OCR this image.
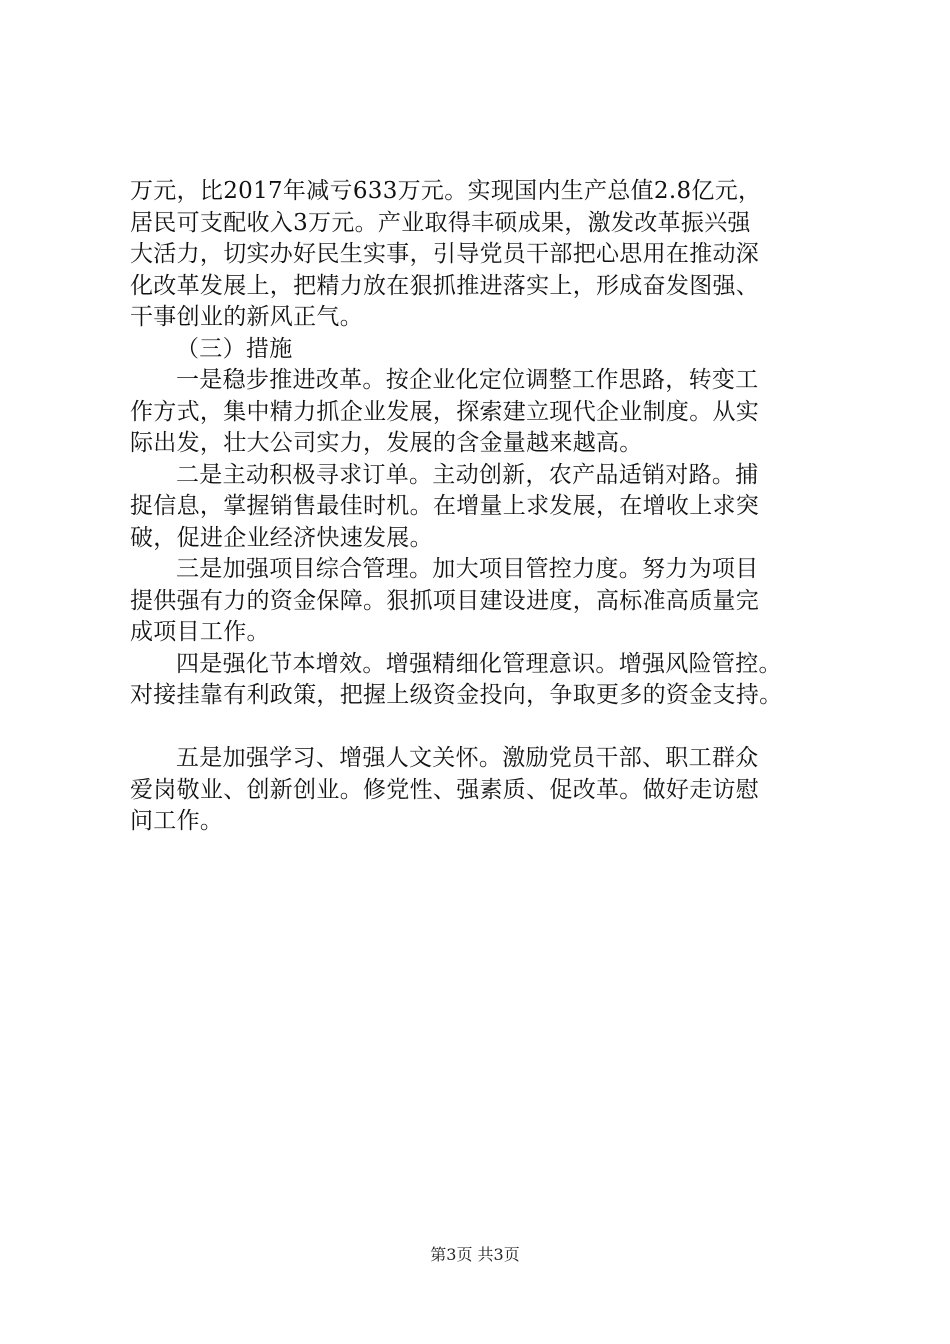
万元，比2017年减亏633万元。实现国内生产总值2.8亿元，
居民可支配收入3万元。产业取得丰硕成果，激发改革振兴强
大活力，切实办好民生实事，引导党员干部把心思用在推动深
化改革发展上，把精力放在狠抓推进落实上，形成奋发图强、
干事创业的新风正气。
（三）措施
一是稳步推进改革。按企业化定位调整工作思路，转变工
作方式，集中精力抓企业发展，探索建立现代企业制度。从实
际出发，壮大公司实力，发展的含金量越来越高。
二是主动积极寻求订单。主动创新，农产品适销对路。捕
捉信息，掌握销售最佳时机。在增量上求发展，在增收上求突
破，促进企业经济快速发展。
三是加强项目综合管理。加大项目管控力度。努力为项目
提供强有力的资金保障。狠抓项目建设进度，高标准高质量完
成项目工作。
四是强化节本增效。增强精细化管理意识。增强风险管控。
对接挂靠有利政策，把握上级资金投向，争取更多的资金支持。
五是加强学习、增强人文关怀。激励党员干部、职工群众
爱岗敬业、创新创业。修党性、强素质、促改革。做好走访慰
问工作。
第3页 共3页
